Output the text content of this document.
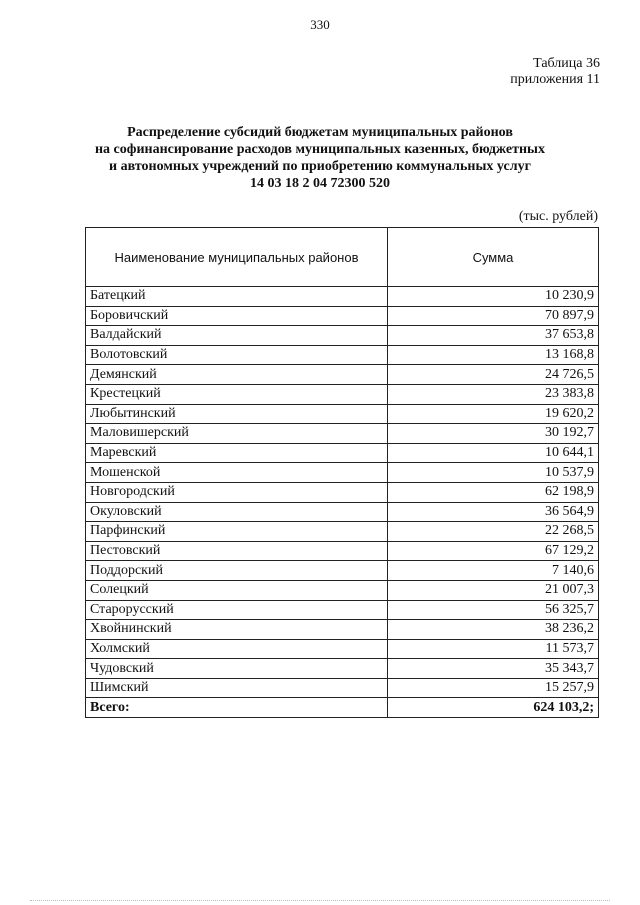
330
Таблица 36
приложения 11
Распределение субсидий бюджетам муниципальных районов
на софинансирование расходов муниципальных казенных, бюджетных
и автономных учреждений по приобретению коммунальных услуг
14 03 18 2 04 72300 520
(тыс. рублей)
Наименование муниципальных районов	Сумма
Батецкий	10 230,9
Боровичский	70 897,9
Валдайский	37 653,8
Волотовский	13 168,8
Демянский	24 726,5
Крестецкий	23 383,8
Любытинский	19 620,2
Маловишерский	30 192,7
Маревский	10 644,1
Мошенской	10 537,9
Новгородский	62 198,9
Окуловский	36 564,9
Парфинский	22 268,5
Пестовский	67 129,2
Поддорский	7 140,6
Солецкий	21 007,3
Старорусский	56 325,7
Хвойнинский	38 236,2
Холмский	11 573,7
Чудовский	35 343,7
Шимский	15 257,9
Всего:	624 103,2;
